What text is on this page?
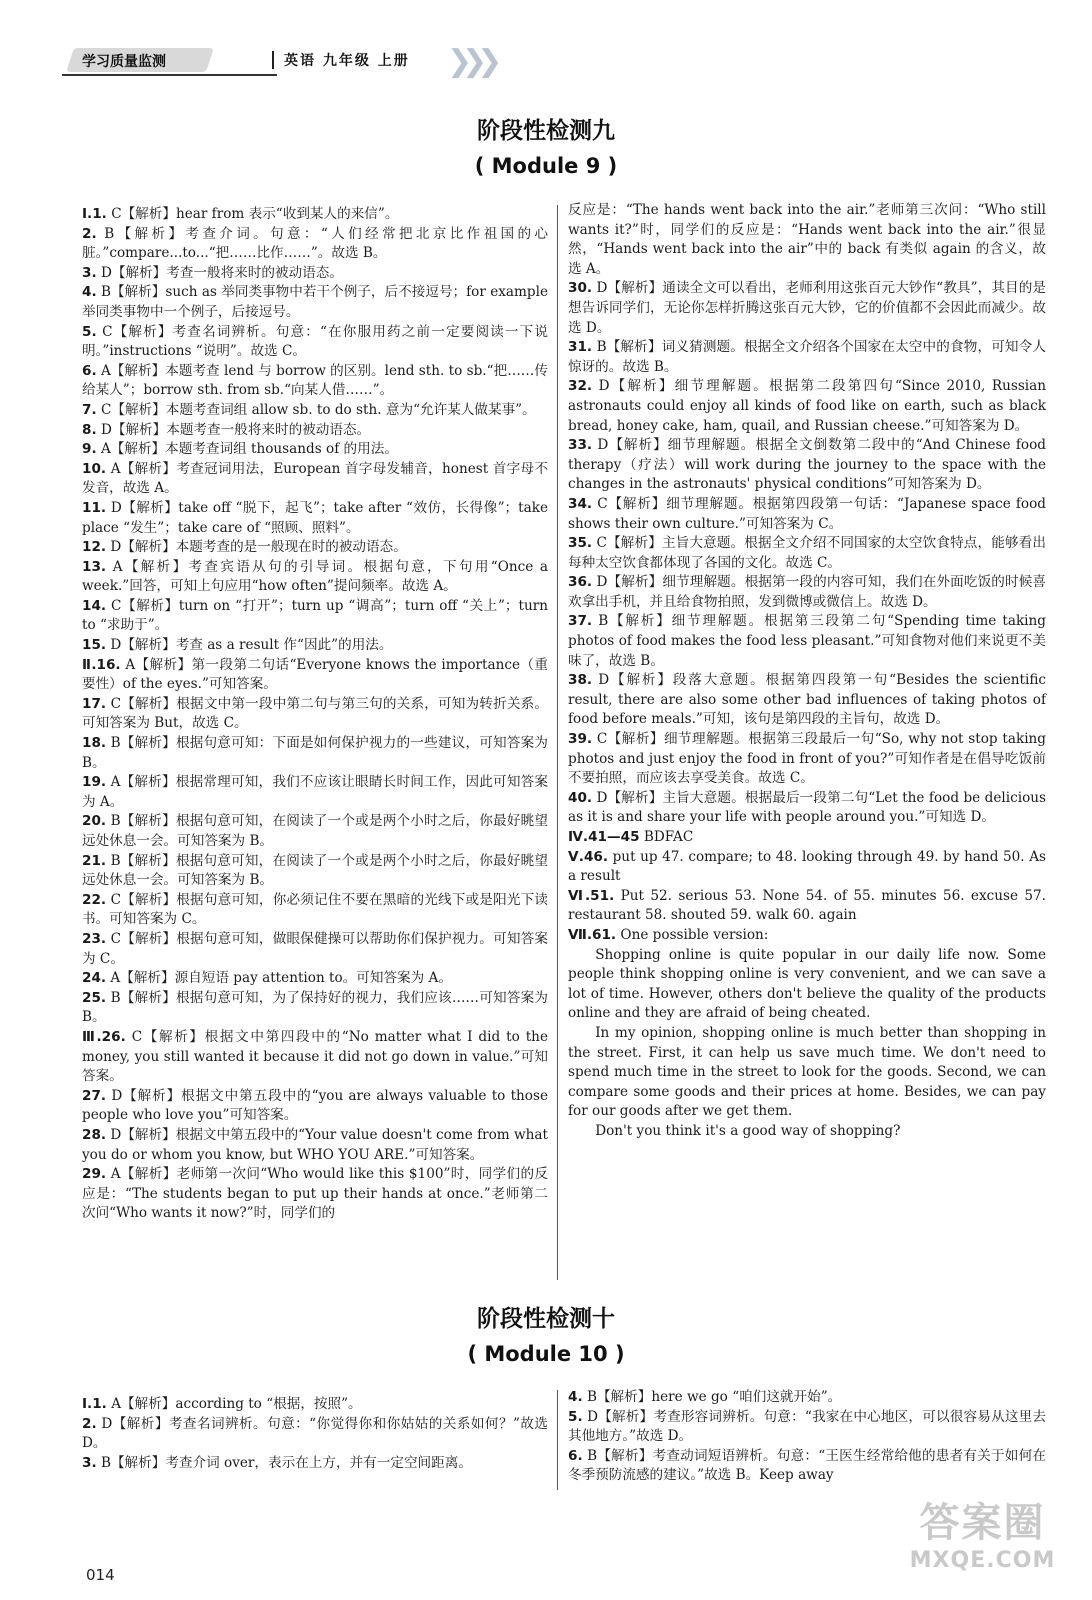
学习质量监测	英语 九年级 上册 ❯❯❯
阶段性检测九
( Module 9 )

Ⅰ.1. C【解析】hear from 表示“收到某人的来信”。

2. B【解析】考查介词。句意：“人们经常把北京比作祖国的心脏。”compare...to...“把……比作……”。故选 B。

3. D【解析】考查一般将来时的被动语态。

4. B【解析】such as 举同类事物中若干个例子，后不接逗号；for example 举同类事物中一个例子，后接逗号。

5. C【解析】考查名词辨析。句意：“在你服用药之前一定要阅读一下说明。”instructions “说明”。故选 C。

6. A【解析】本题考查 lend 与 borrow 的区别。lend sth. to sb.“把……传给某人”；borrow sth. from sb.“向某人借……”。

7. C【解析】本题考查词组 allow sb. to do sth. 意为“允许某人做某事”。

8. D【解析】本题考查一般将来时的被动语态。

9. A【解析】本题考查词组 thousands of 的用法。

10. A【解析】考查冠词用法，European 首字母发辅音，honest 首字母不发音，故选 A。

11. D【解析】take off “脱下，起飞”；take after “效仿，长得像”；take place “发生”；take care of “照顾、照料”。

12. D【解析】本题考查的是一般现在时的被动语态。

13. A【解析】考查宾语从句的引导词。根据句意，下句用“Once a week.”回答，可知上句应用“how often”提问频率。故选 A。

14. C【解析】turn on “打开”；turn up “调高”；turn off “关上”；turn to “求助于”。

15. D【解析】考查 as a result 作“因此”的用法。

Ⅱ.16. A【解析】第一段第二句话“Everyone knows the importance（重要性）of the eyes.”可知答案。

17. C【解析】根据文中第一段中第二句与第三句的关系，可知为转折关系。可知答案为 But，故选 C。

18. B【解析】根据句意可知：下面是如何保护视力的一些建议，可知答案为 B。

19. A【解析】根据常理可知，我们不应该让眼睛长时间工作，因此可知答案为 A。

20. B【解析】根据句意可知，在阅读了一个或是两个小时之后，你最好眺望远处休息一会。可知答案为 B。

21. B【解析】根据句意可知，在阅读了一个或是两个小时之后，你最好眺望远处休息一会。可知答案为 B。

22. C【解析】根据句意可知，你必须记住不要在黑暗的光线下或是阳光下读书。可知答案为 C。

23. C【解析】根据句意可知，做眼保健操可以帮助你们保护视力。可知答案为 C。

24. A【解析】源自短语 pay attention to。可知答案为 A。

25. B【解析】根据句意可知，为了保持好的视力，我们应该……可知答案为 B。

Ⅲ.26. C【解析】根据文中第四段中的“No matter what I did to the money, you still wanted it because it did not go down in value.”可知答案。

27. D【解析】根据文中第五段中的“you are always valuable to those people who love you”可知答案。

28. D【解析】根据文中第五段中的“Your value doesn't come from what you do or whom you know, but WHO YOU ARE.”可知答案。

29. A【解析】老师第一次问“Who would like this $100”时，同学们的反应是：“The students began to put up their hands at once.”老师第二次问“Who wants it now?”时，同学们的

反应是：“The hands went back into the air.”老师第三次问：“Who still wants it?”时，同学们的反应是：“Hands went back into the air.”很显然，“Hands went back into the air”中的 back 有类似 again 的含义，故选 A。

30. D【解析】通读全文可以看出，老师利用这张百元大钞作“教具”，其目的是想告诉同学们，无论你怎样折腾这张百元大钞，它的价值都不会因此而减少。故选 D。

31. B【解析】词义猜测题。根据全文介绍各个国家在太空中的食物，可知令人惊讶的。故选 B。

32. D【解析】细节理解题。根据第二段第四句“Since 2010, Russian astronauts could enjoy all kinds of food like on earth, such as black bread, honey cake, ham, quail, and Russian cheese.”可知答案为 D。

33. D【解析】细节理解题。根据全文倒数第二段中的“And Chinese food therapy（疗法）will work during the journey to the space with the changes in the astronauts' physical conditions”可知答案为 D。

34. C【解析】细节理解题。根据第四段第一句话：“Japanese space food shows their own culture.”可知答案为 C。

35. C【解析】主旨大意题。根据全文介绍不同国家的太空饮食特点，能够看出每种太空饮食都体现了各国的文化。故选 C。

36. D【解析】细节理解题。根据第一段的内容可知，我们在外面吃饭的时候喜欢拿出手机，并且给食物拍照，发到微博或微信上。故选 D。

37. B【解析】细节理解题。根据第三段第二句“Spending time taking photos of food makes the food less pleasant.”可知食物对他们来说更不美味了，故选 B。

38. D【解析】段落大意题。根据第四段第一句“Besides the scientific result, there are also some other bad influences of taking photos of food before meals.”可知，该句是第四段的主旨句，故选 D。

39. C【解析】细节理解题。根据第三段最后一句“So, why not stop taking photos and just enjoy the food in front of you?”可知作者是在倡导吃饭前不要拍照，而应该去享受美食。故选 C。

40. D【解析】主旨大意题。根据最后一段第二句“Let the food be delicious as it is and share your life with people around you.”可知选 D。

Ⅳ.41—45 BDFAC

Ⅴ.46. put up 47. compare; to 48. looking through 49. by hand 50. As a result

Ⅵ.51. Put 52. serious 53. None 54. of 55. minutes 56. excuse 57. restaurant 58. shouted 59. walk 60. again

Ⅶ.61. One possible version:

Shopping online is quite popular in our daily life now. Some people think shopping online is very convenient, and we can save a lot of time. However, others don't believe the quality of the products online and they are afraid of being cheated.

In my opinion, shopping online is much better than shopping in the street. First, it can help us save much time. We don't need to spend much time in the street to look for the goods. Second, we can compare some goods and their prices at home. Besides, we can pay for our goods after we get them.

Don't you think it's a good way of shopping?

阶段性检测十
( Module 10 )

Ⅰ.1. A【解析】according to “根据，按照”。

2. D【解析】考查名词辨析。句意：“你觉得你和你姑姑的关系如何？”故选 D。

3. B【解析】考查介词 over，表示在上方，并有一定空间距离。

4. B【解析】here we go “咱们这就开始”。

5. D【解析】考查形容词辨析。句意：“我家在中心地区，可以很容易从这里去其他地方。”故选 D。

6. B【解析】考查动词短语辨析。句意：“王医生经常给他的患者有关于如何在冬季预防流感的建议。”故选 B。Keep away

014
答案圈
MXQE.COM
